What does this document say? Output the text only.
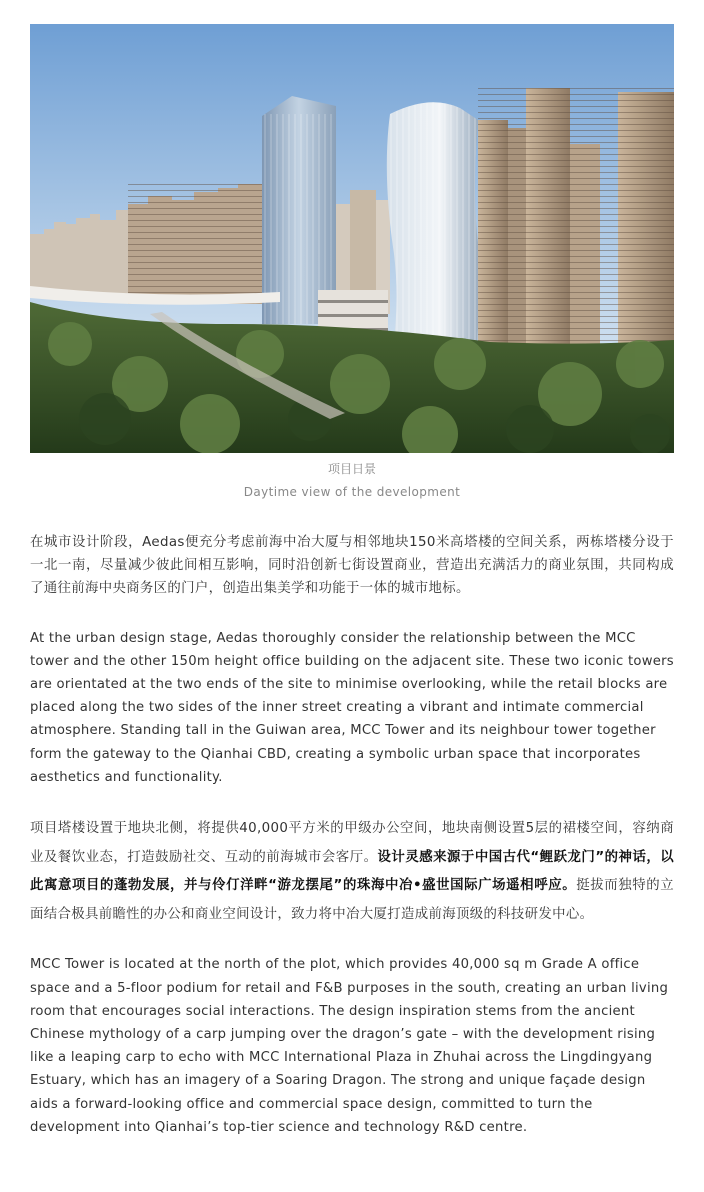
项目日景
Daytime view of the development

在城市设计阶段，Aedas便充分考虑前海中冶大厦与相邻地块150米高塔楼的空间关系，两栋塔楼分设于一北一南，尽量减少彼此间相互影响，同时沿创新七街设置商业，营造出充满活力的商业氛围，共同构成了通往前海中央商务区的门户，创造出集美学和功能于一体的城市地标。

At the urban design stage, Aedas thoroughly consider the relationship between the MCC tower and the other 150m height office building on the adjacent site. These two iconic towers are orientated at the two ends of the site to minimise overlooking, while the retail blocks are placed along the two sides of the inner street creating a vibrant and intimate commercial atmosphere. Standing tall in the Guiwan area, MCC Tower and its neighbour tower together form the gateway to the Qianhai CBD, creating a symbolic urban space that incorporates aesthetics and functionality.

项目塔楼设置于地块北侧，将提供40,000平方米的甲级办公空间，地块南侧设置5层的裙楼空间，容纳商业及餐饮业态，打造鼓励社交、互动的前海城市会客厅。设计灵感来源于中国古代“鲤跃龙门”的神话，以此寓意项目的蓬勃发展，并与伶仃洋畔“游龙摆尾”的珠海中冶•盛世国际广场遥相呼应。挺拔而独特的立面结合极具前瞻性的办公和商业空间设计，致力将中冶大厦打造成前海顶级的科技研发中心。

MCC Tower is located at the north of the plot, which provides 40,000 sq m Grade A office space and a 5-floor podium for retail and F&B purposes in the south, creating an urban living room that encourages social interactions. The design inspiration stems from the ancient Chinese mythology of a carp jumping over the dragon’s gate – with the development rising like a leaping carp to echo with MCC International Plaza in Zhuhai across the Lingdingyang Estuary, which has an imagery of a Soaring Dragon. The strong and unique façade design aids a forward-looking office and commercial space design, committed to turn the development into Qianhai’s top-tier science and technology R&D centre.
